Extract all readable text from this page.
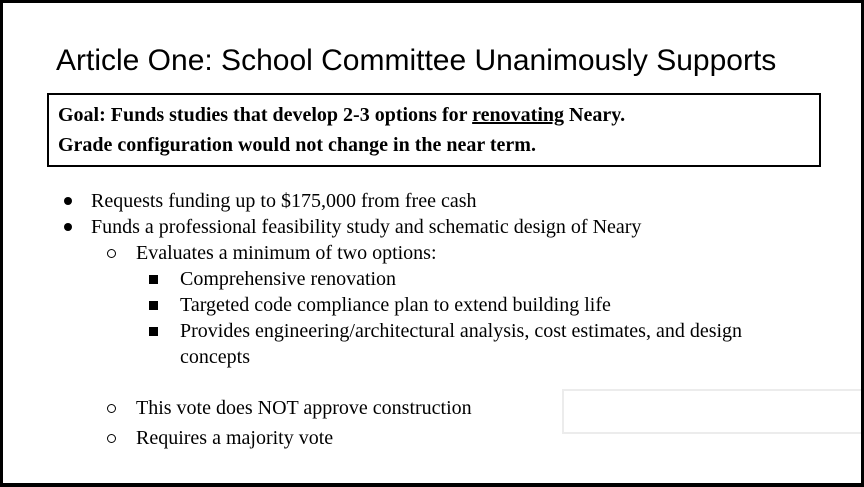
Article One: School Committee Unanimously Supports
Goal: Funds studies that develop 2-3 options for renovating Neary.
Grade configuration would not change in the near term.
Requests funding up to $175,000 from free cash
Funds a professional feasibility study and schematic design of Neary
Evaluates a minimum of two options:
Comprehensive renovation
Targeted code compliance plan to extend building life
Provides engineering/architectural analysis, cost estimates, and design concepts
This vote does NOT approve construction
Requires a majority vote
